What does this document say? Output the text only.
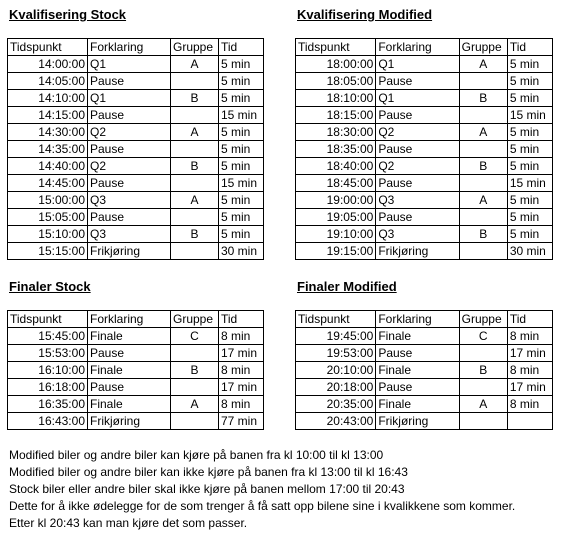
Kvalifisering Stock
Tidspunkt	Forklaring	Gruppe	Tid
14:00:00	Q1	A	5 min
14:05:00	Pause		5 min
14:10:00	Q1	B	5 min
14:15:00	Pause		15 min
14:30:00	Q2	A	5 min
14:35:00	Pause		5 min
14:40:00	Q2	B	5 min
14:45:00	Pause		15 min
15:00:00	Q3	A	5 min
15:05:00	Pause		5 min
15:10:00	Q3	B	5 min
15:15:00	Frikjøring		30 min
Kvalifisering Modified
Tidspunkt	Forklaring	Gruppe	Tid
18:00:00	Q1	A	5 min
18:05:00	Pause		5 min
18:10:00	Q1	B	5 min
18:15:00	Pause		15 min
18:30:00	Q2	A	5 min
18:35:00	Pause		5 min
18:40:00	Q2	B	5 min
18:45:00	Pause		15 min
19:00:00	Q3	A	5 min
19:05:00	Pause		5 min
19:10:00	Q3	B	5 min
19:15:00	Frikjøring		30 min
Finaler Stock
Tidspunkt	Forklaring	Gruppe	Tid
15:45:00	Finale	C	8 min
15:53:00	Pause		17 min
16:10:00	Finale	B	8 min
16:18:00	Pause		17 min
16:35:00	Finale	A	8 min
16:43:00	Frikjøring		77 min
Finaler Modified
Tidspunkt	Forklaring	Gruppe	Tid
19:45:00	Finale	C	8 min
19:53:00	Pause		17 min
20:10:00	Finale	B	8 min
20:18:00	Pause		17 min
20:35:00	Finale	A	8 min
20:43:00	Frikjøring		
Modified biler og andre biler kan kjøre på banen fra kl 10:00 til kl 13:00
Modified biler og andre biler kan ikke kjøre på banen fra kl 13:00 til kl 16:43
Stock biler eller andre biler skal ikke kjøre på banen mellom 17:00 til 20:43
Dette for å ikke ødelegge for de som trenger å få satt opp bilene sine i kvalikkene som kommer.
Etter kl 20:43 kan man kjøre det som passer.
